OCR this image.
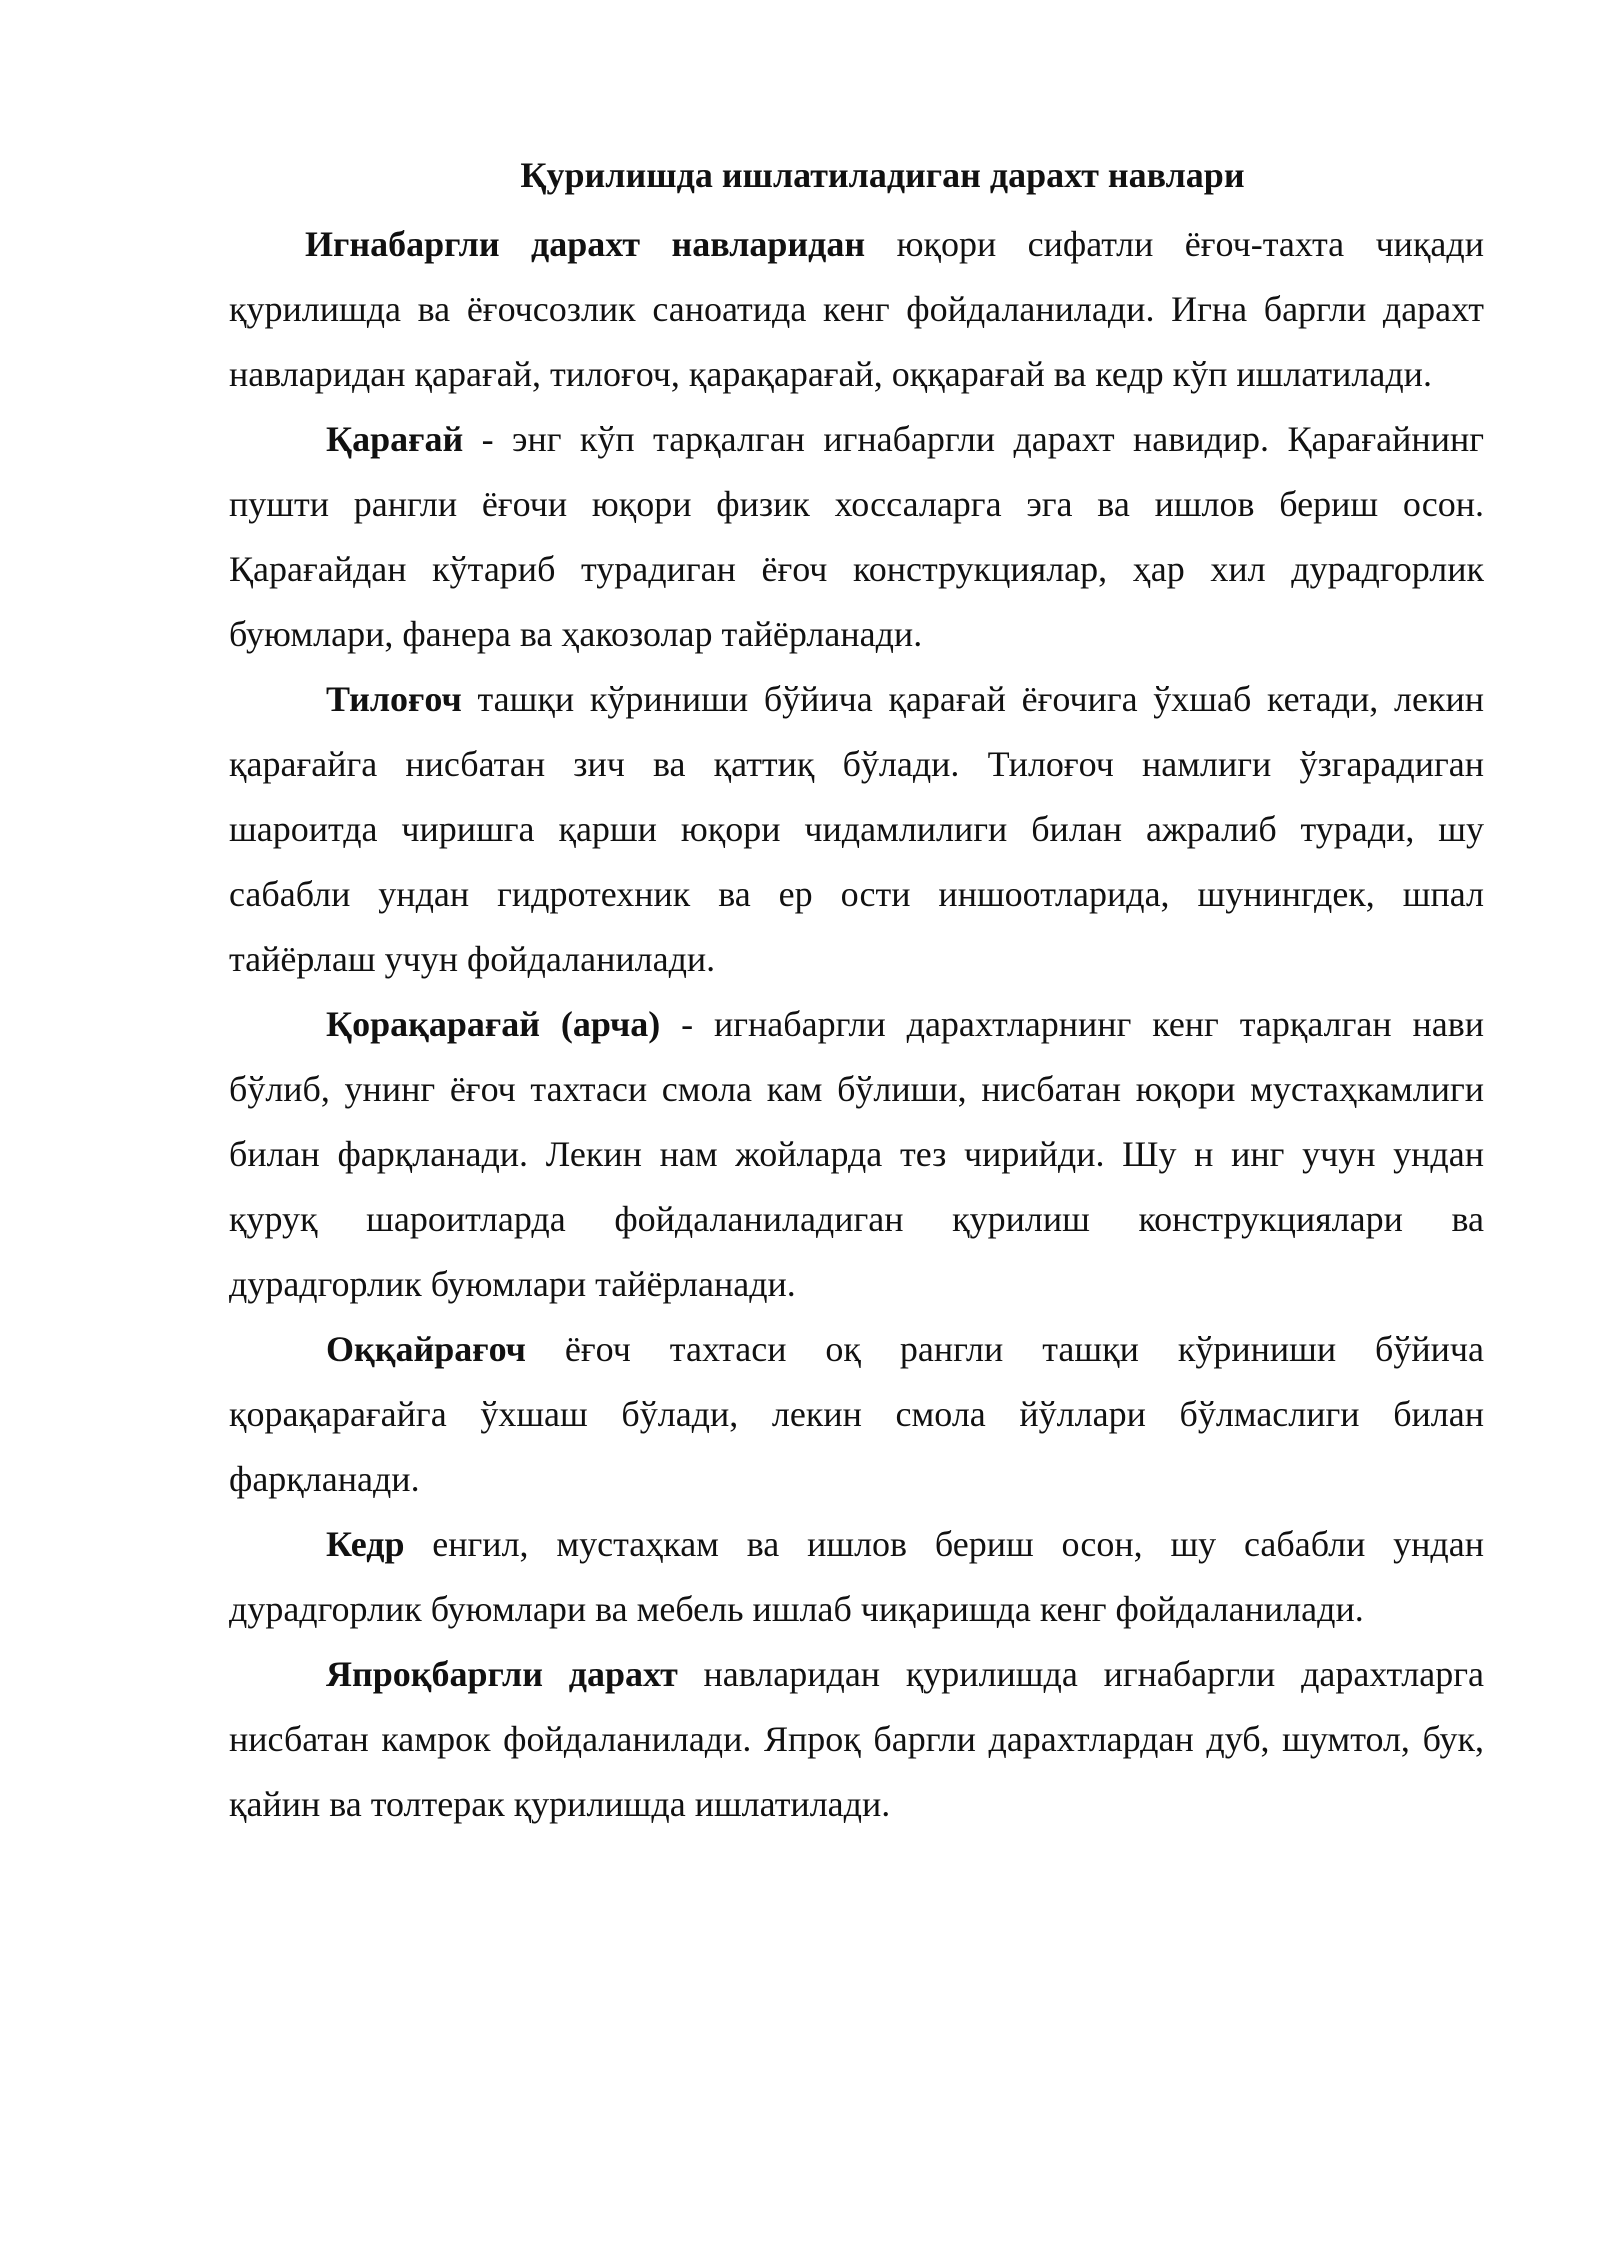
Қурилишда ишлатиладиган дарахт навлари

Игнабаргли дарахт навларидан юқори сифатли ёғоч-тахта чиқади қурилишда ва ёғочсозлик саноатида кенг фойдаланилади. Игна баргли дарахт навларидан қарағай, тилоғоч, қарақарағай, оққарағай ва кедр кўп ишлатилади.

Қарағай - энг кўп тарқалган игнабаргли дарахт навидир. Қарағайнинг пушти рангли ёғочи юқори физик хоссаларга эга ва ишлов бериш осон. Қарағайдан кўтариб турадиган ёғоч конструкциялар, ҳар хил дурадгорлик буюмлари, фанера ва ҳакозолар тайёрланади.

Тилоғоч ташқи кўриниши бўйича қарағай ёғочига ўхшаб кетади, лекин қарағайга нисбатан зич ва қаттиқ бўлади. Тилоғоч намлиги ўзгарадиган шароитда чиришга қарши юқори чидамлилиги билан ажралиб туради, шу сабабли ундан гидротехник ва ер ости иншоотларида, шунингдек, шпал тайёрлаш учун фойдаланилади.

Қорақарағай (арча) - игнабаргли дарахтларнинг кенг тарқалган нави бўлиб, унинг ёғоч тахтаси смола кам бўлиши, нисбатан юқори мустаҳкамлиги билан фарқланади. Лекин нам жойларда тез чирийди. Шу н инг учун ундан қуруқ шароитларда фойдаланиладиган қурилиш конструкциялари ва дурадгорлик буюмлари тайёрланади.

Оққайрағоч ёғоч тахтаси оқ рангли ташқи кўриниши бўйича қорақарағайга ўхшаш бўлади, лекин смола йўллари бўлмаслиги билан фарқланади.

Кедр енгил, мустаҳкам ва ишлов бериш осон, шу сабабли ундан дурадгорлик буюмлари ва мебель ишлаб чиқаришда кенг фойдаланилади.

Япроқбаргли дарахт навларидан қурилишда игнабаргли дарахтларга нисбатан камрок фойдаланилади. Япроқ баргли дарахтлардан дуб, шумтол, бук, қайин ва толтерак қурилишда ишлатилади.
